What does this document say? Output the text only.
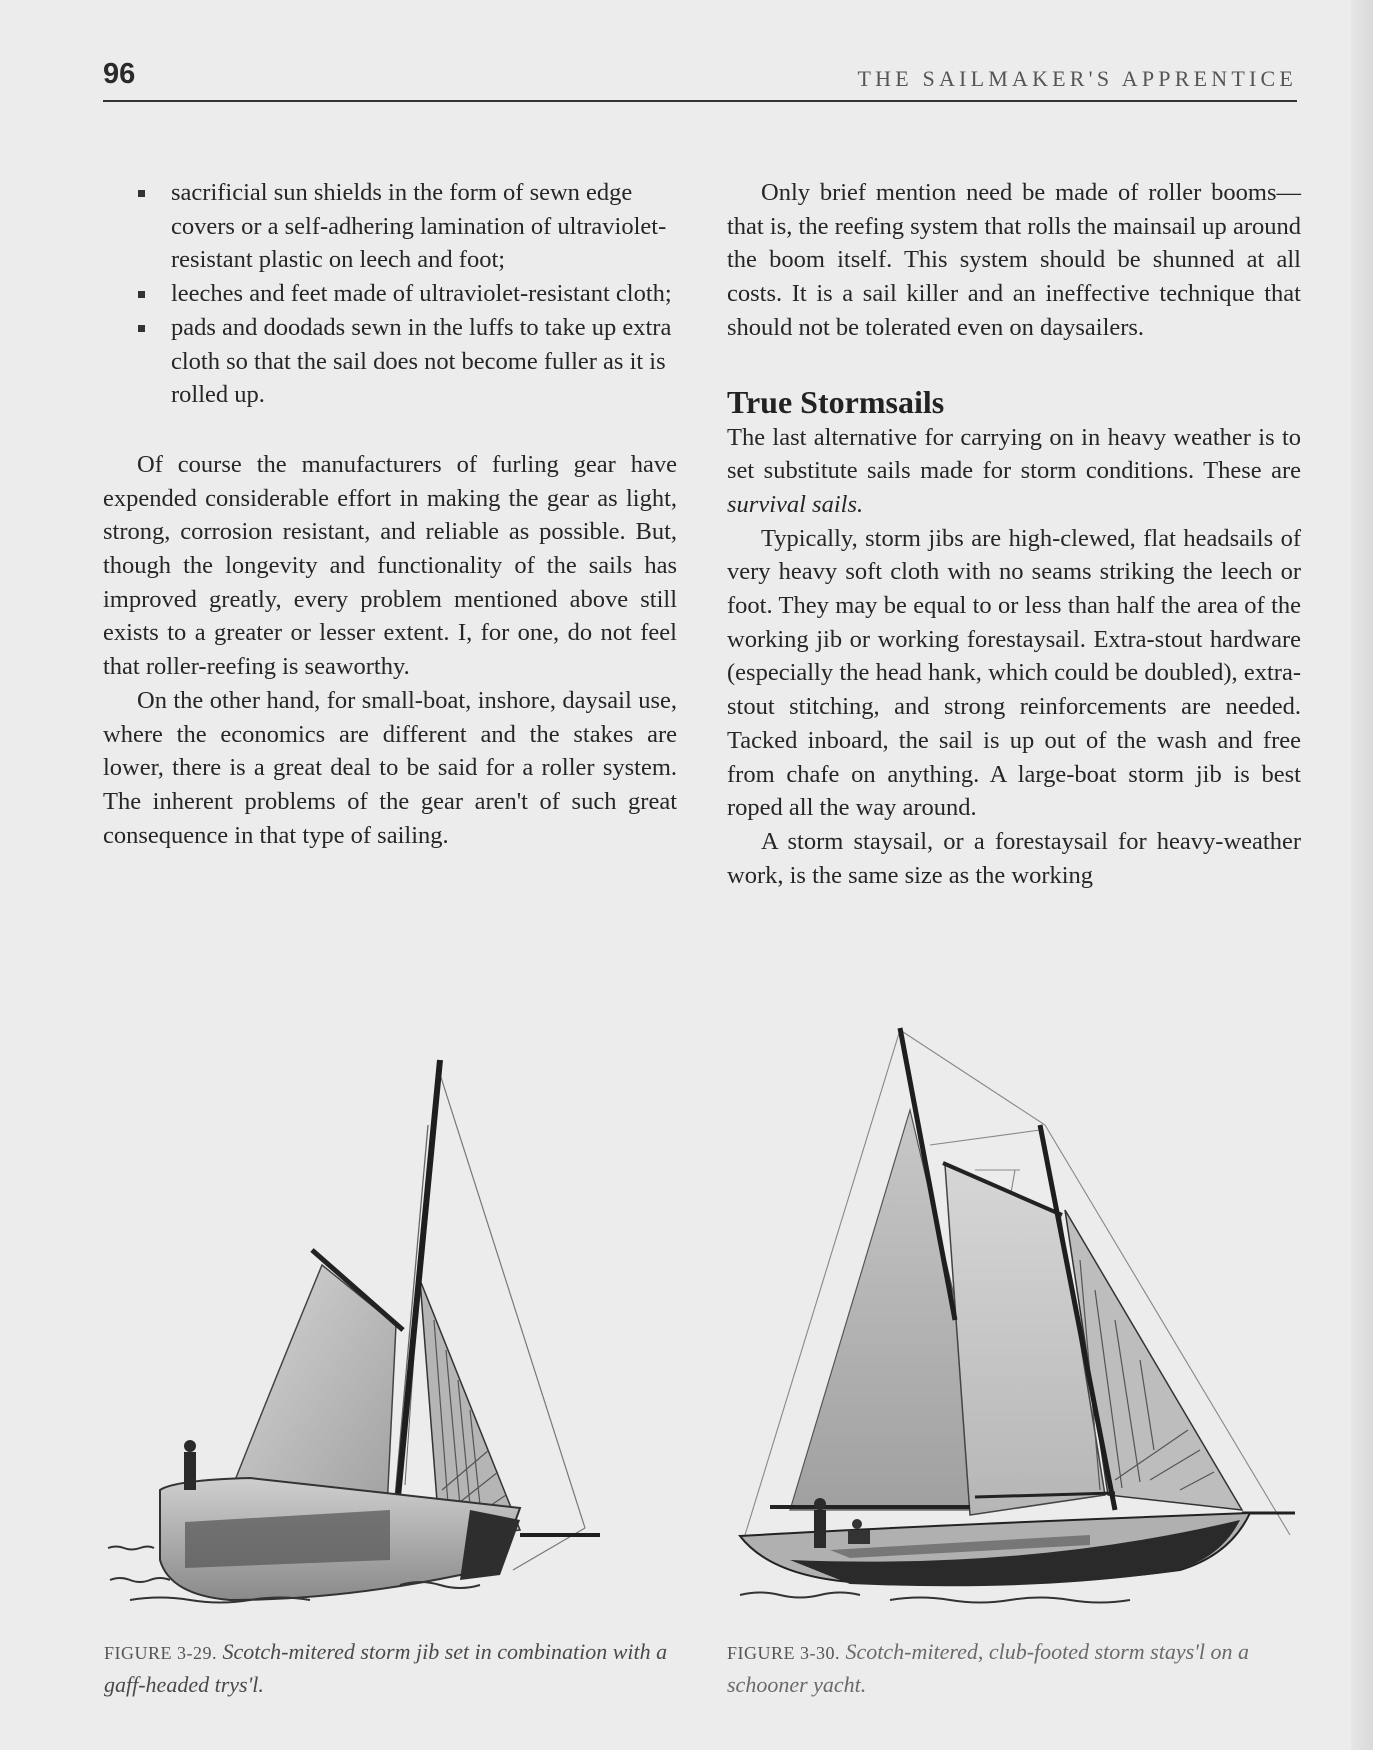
96	THE SAILMAKER'S APPRENTICE
sacrificial sun shields in the form of sewn edge covers or a self-adhering lamination of ultraviolet-resistant plastic on leech and foot;
leeches and feet made of ultraviolet-resistant cloth;
pads and doodads sewn in the luffs to take up extra cloth so that the sail does not become fuller as it is rolled up.

Of course the manufacturers of furling gear have expended considerable effort in making the gear as light, strong, corrosion resistant, and reliable as possible. But, though the longevity and functionality of the sails has improved greatly, every problem mentioned above still exists to a greater or lesser extent. I, for one, do not feel that roller-reefing is seaworthy.

On the other hand, for small-boat, inshore, daysail use, where the economics are different and the stakes are lower, there is a great deal to be said for a roller system. The inherent problems of the gear aren't of such great consequence in that type of sailing.

Only brief mention need be made of roller booms—that is, the reefing system that rolls the mainsail up around the boom itself. This system should be shunned at all costs. It is a sail killer and an ineffective technique that should not be tolerated even on daysailers.

True Stormsails

The last alternative for carrying on in heavy weather is to set substitute sails made for storm conditions. These are survival sails.

Typically, storm jibs are high-clewed, flat headsails of very heavy soft cloth with no seams striking the leech or foot. They may be equal to or less than half the area of the working jib or working forestaysail. Extra-stout hardware (especially the head hank, which could be doubled), extra-stout stitching, and strong reinforcements are needed. Tacked inboard, the sail is up out of the wash and free from chafe on anything. A large-boat storm jib is best roped all the way around.

A storm staysail, or a forestaysail for heavy-weather work, is the same size as the working

FIGURE 3-29. Scotch-mitered storm jib set in combination with a gaff-headed trys'l.
FIGURE 3-30. Scotch-mitered, club-footed storm stays'l on a schooner yacht.
